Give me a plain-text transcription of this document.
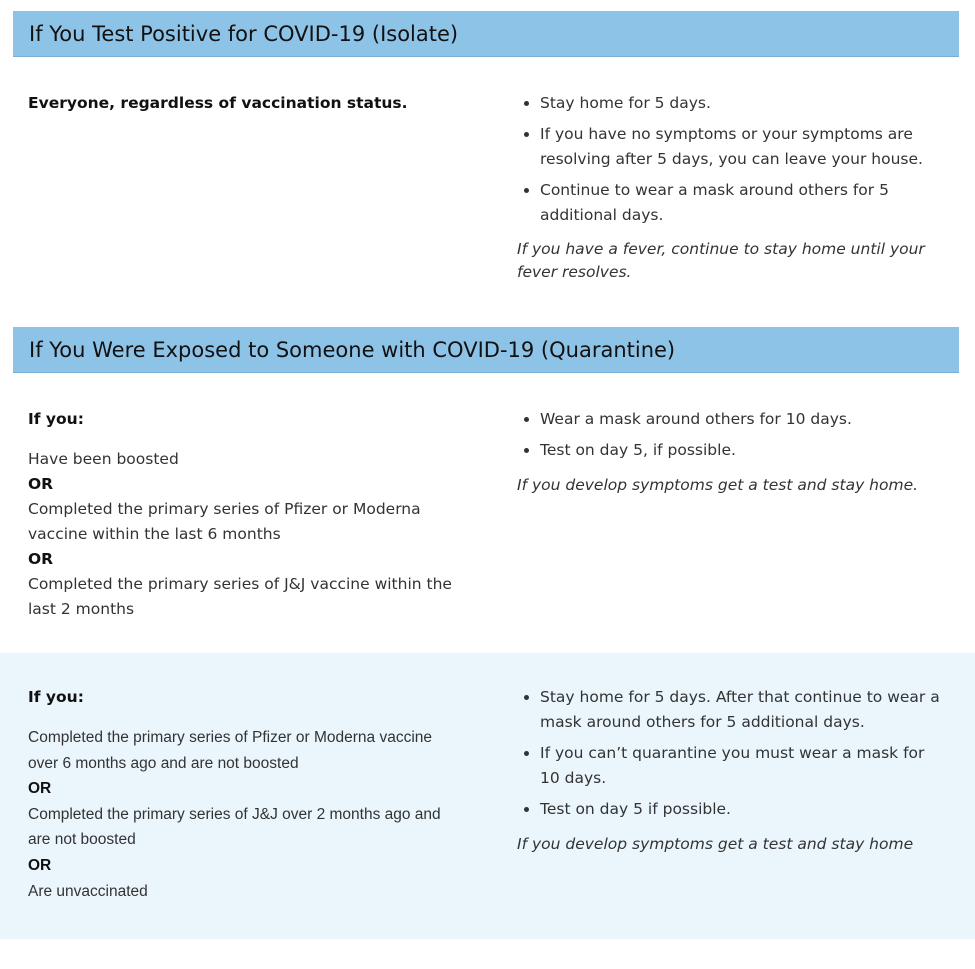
If You Test Positive for COVID-19 (Isolate)
Everyone, regardless of vaccination status.
•	Stay home for 5 days.
• If you have no symptoms or your symptoms are resolving after 5 days, you can leave your house.
• Continue to wear a mask around others for 5 additional days.
If you have a fever, continue to stay home until your fever resolves.
If You Were Exposed to Someone with COVID-19 (Quarantine)
If you:
Have been boosted
OR
Completed the primary series of Pfizer or Moderna vaccine within the last 6 months
OR
Completed the primary series of J&J vaccine within the last 2 months
• Wear a mask around others for 10 days.
• Test on day 5, if possible.
If you develop symptoms get a test and stay home.
If you:
Completed the primary series of Pfizer or Moderna vaccine over 6 months ago and are not boosted
OR
Completed the primary series of J&J over 2 months ago and are not boosted
OR
Are unvaccinated
• Stay home for 5 days. After that continue to wear a mask around others for 5 additional days.
• If you can’t quarantine you must wear a mask for 10 days.
• Test on day 5 if possible.
If you develop symptoms get a test and stay home
